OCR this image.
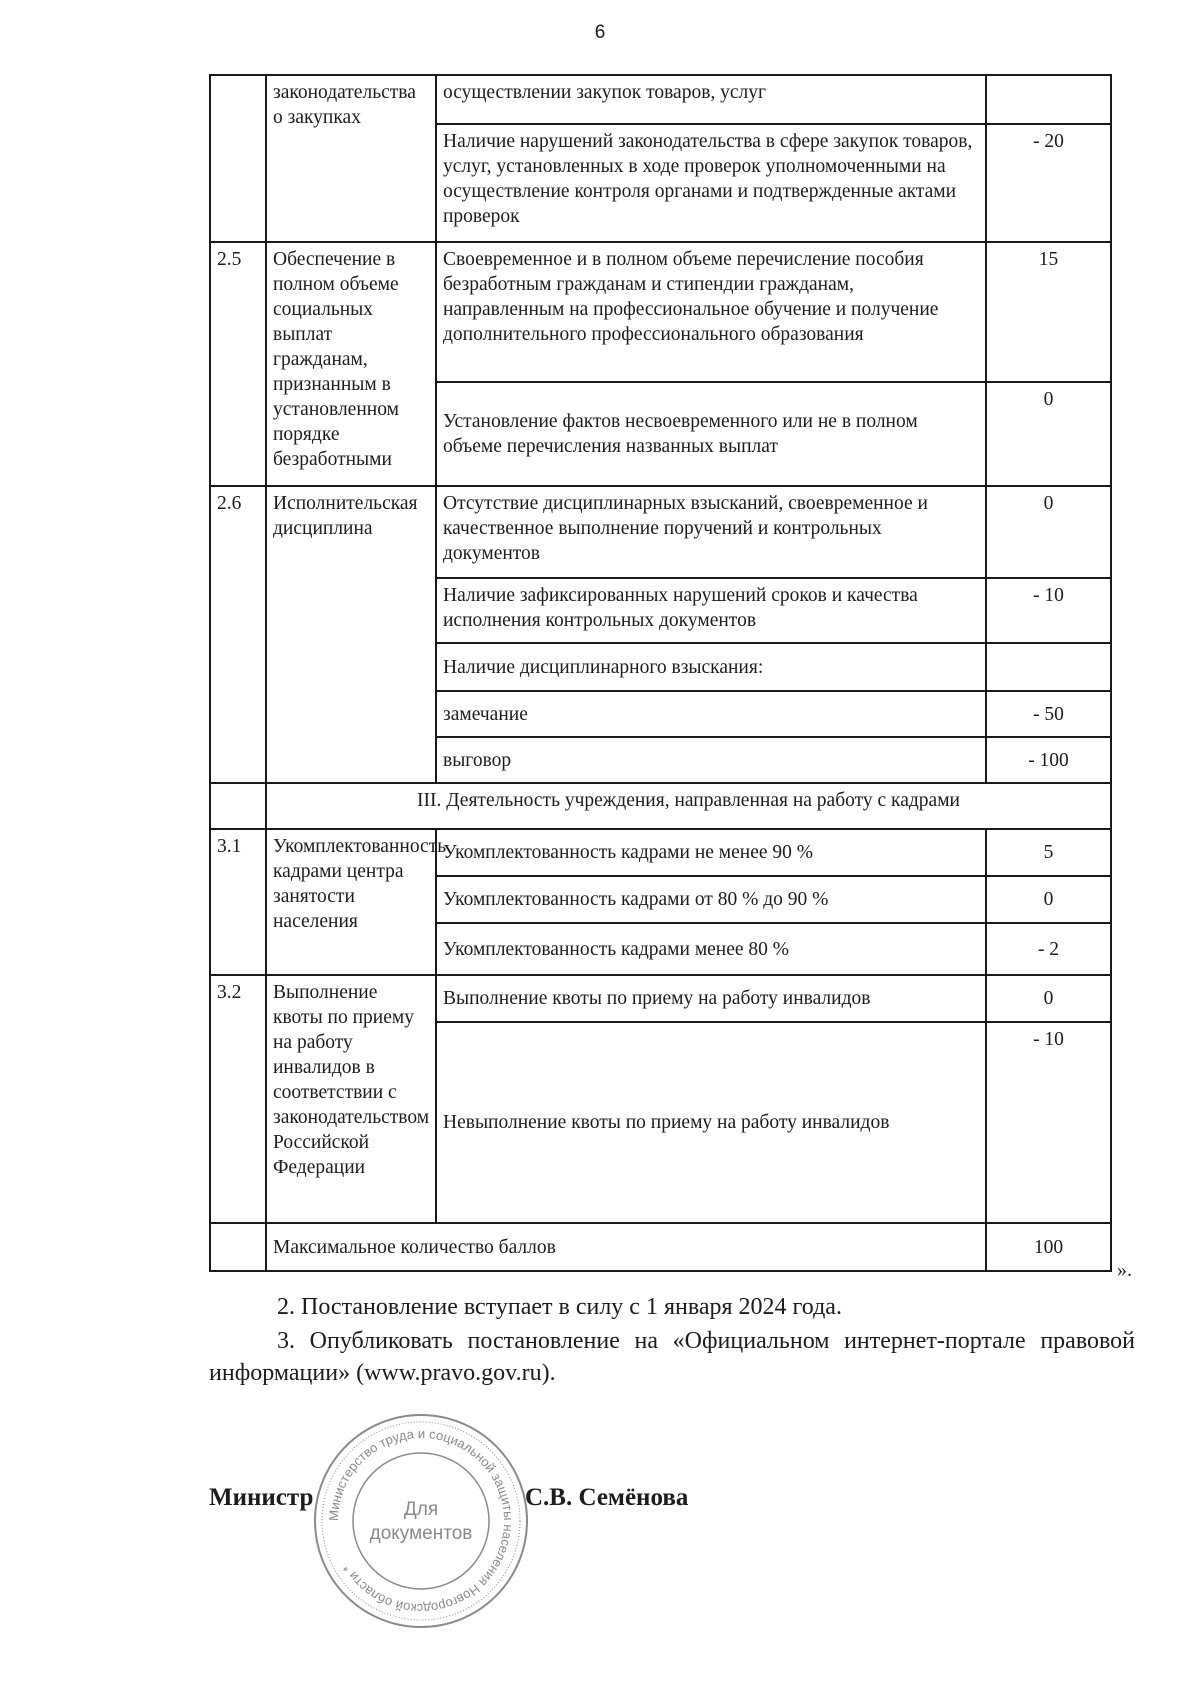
6
	законодательства о закупках	осуществлении закупок товаров, услуг	
		Наличие нарушений законодательства в сфере закупок товаров, услуг, установленных в ходе проверок уполномоченными на осуществление контроля органами и подтвержденные актами проверок	- 20
2.5	Обеспечение в полном объеме социальных выплат гражданам, признанным в установленном порядке безработными	Своевременное и в полном объеме перечисление пособия безработным гражданам и стипендии гражданам, направленным на профессиональное обучение и получение дополнительного профессионального образования	15
		Установление фактов несвоевременного или не в полном объеме перечисления названных выплат	0
2.6	Исполнительская дисциплина	Отсутствие дисциплинарных взысканий, своевременное и качественное выполнение поручений и контрольных документов	0
		Наличие зафиксированных нарушений сроков и качества исполнения контрольных документов	- 10
		Наличие дисциплинарного взыскания:	
		замечание	- 50
		выговор	- 100
	III. Деятельность учреждения, направленная на работу с кадрами		
3.1	Укомплектованность кадрами центра занятости населения	Укомплектованность кадрами не менее 90 %	5
		Укомплектованность кадрами от 80 % до 90 %	0
		Укомплектованность кадрами менее 80 %	- 2
3.2	Выполнение квоты по приему на работу инвалидов в соответствии с законодательством Российской Федерации	Выполнение квоты по приему на работу инвалидов	0
		Невыполнение квоты по приему на работу инвалидов	- 10
	Максимальное количество баллов		100
».
2. Постановление вступает в силу с 1 января 2024 года.
3. Опубликовать постановление на «Официальном интернет-портале правовой информации» (www.pravo.gov.ru).
Министр	С.В. Семёнова
Министерство труда и социальной защиты населения Новгородской области *
Для
документов
